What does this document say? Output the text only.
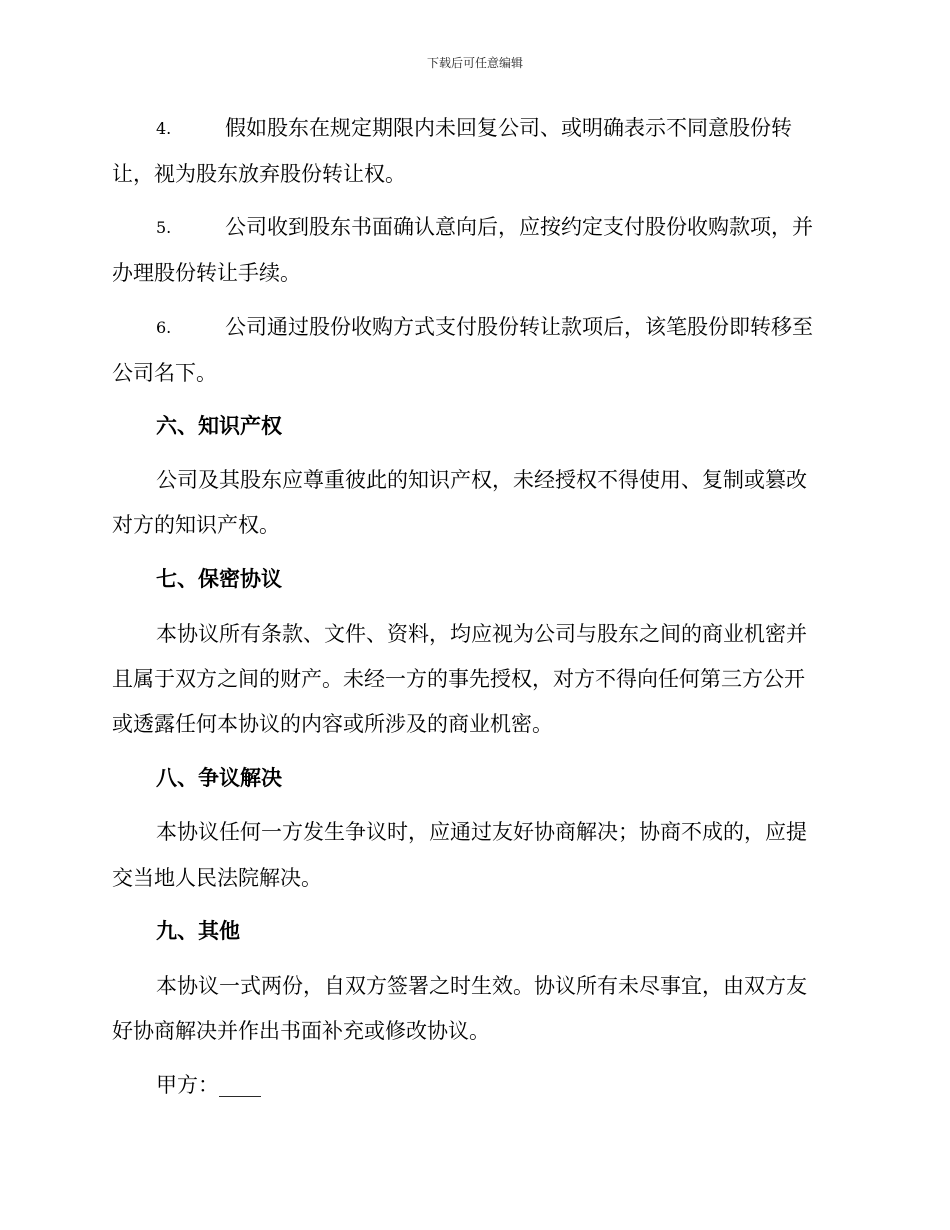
下载后可任意编辑
4.	假如股东在规定期限内未回复公司、或明确表示不同意股份转
让，视为股东放弃股份转让权。
5.	公司收到股东书面确认意向后，应按约定支付股份收购款项，并
办理股份转让手续。
6.	公司通过股份收购方式支付股份转让款项后，该笔股份即转移至
公司名下。
六、知识产权
公司及其股东应尊重彼此的知识产权，未经授权不得使用、复制或篡改
对方的知识产权。
七、保密协议
本协议所有条款、文件、资料，均应视为公司与股东之间的商业机密并
且属于双方之间的财产。未经一方的事先授权，对方不得向任何第三方公开
或透露任何本协议的内容或所涉及的商业机密。
八、争议解决
本协议任何一方发生争议时，应通过友好协商解决；协商不成的，应提
交当地人民法院解决。
九、其他
本协议一式两份，自双方签署之时生效。协议所有未尽事宜，由双方友
好协商解决并作出书面补充或修改协议。
甲方：____
